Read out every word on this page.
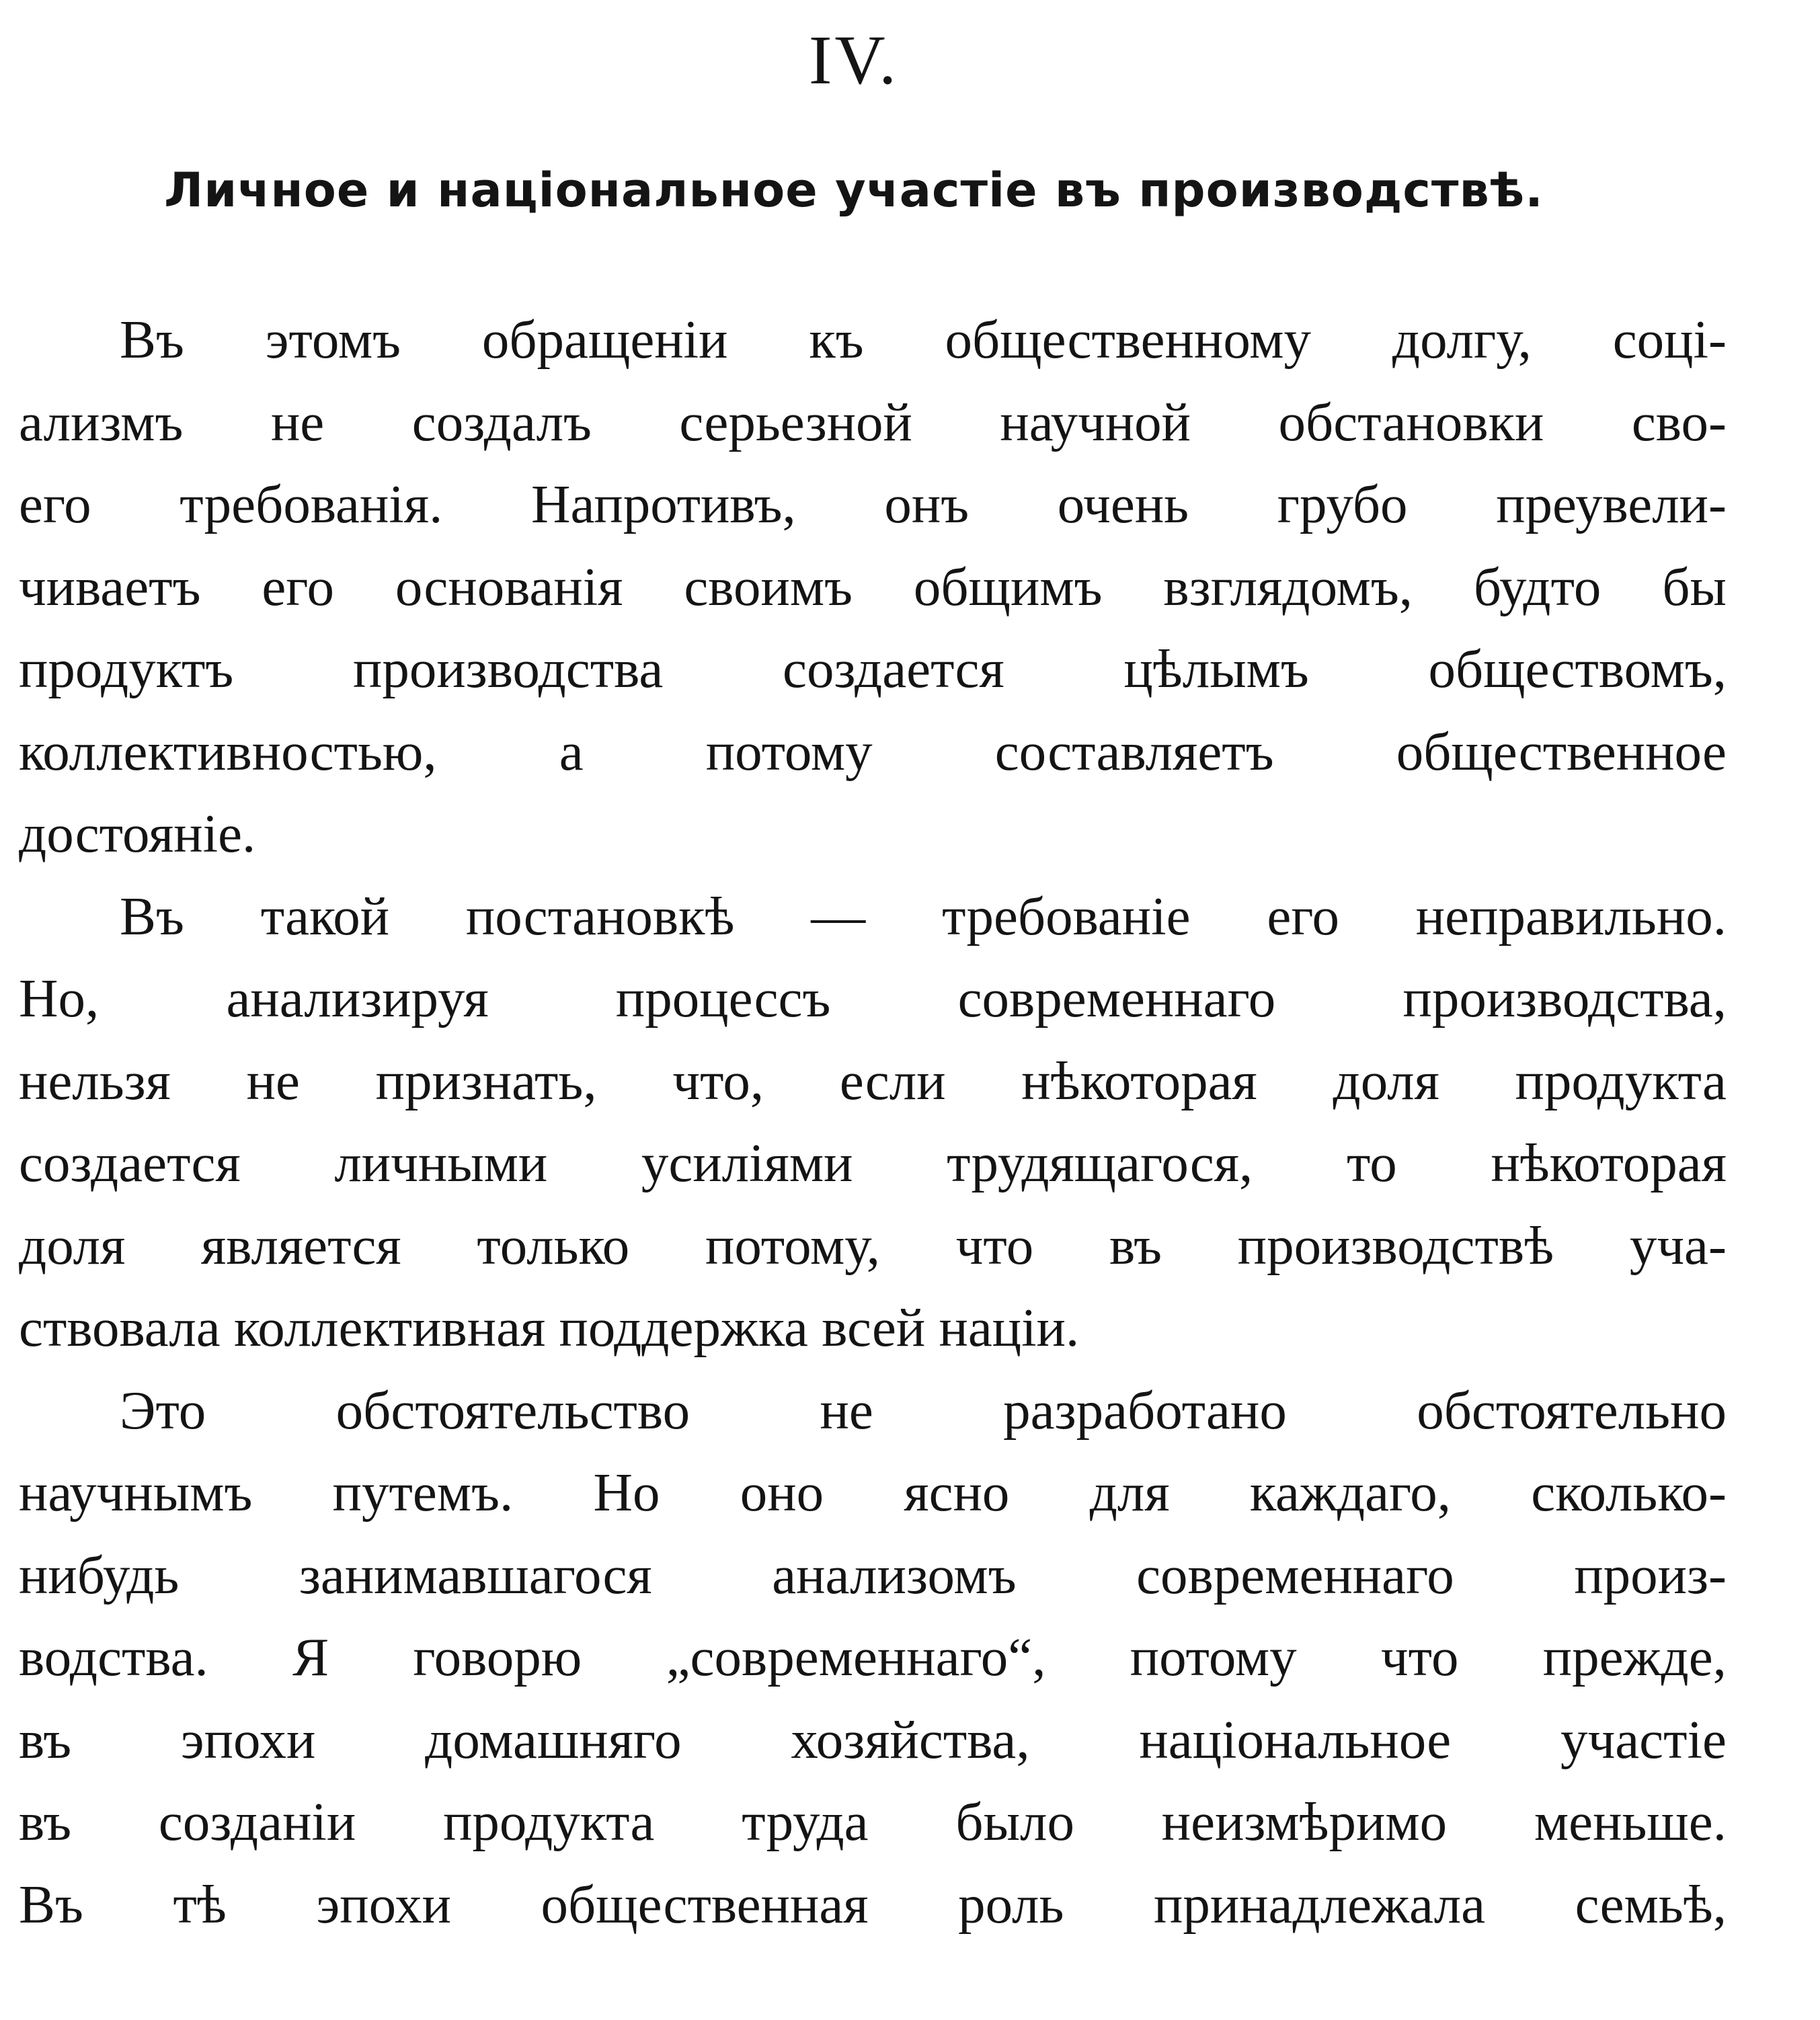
IV.
Личное и національное участіе въ производствѣ.
Въ этомъ обращеніи къ общественному долгу, соці-
ализмъ не создалъ серьезной научной обстановки сво-
его требованія. Напротивъ, онъ очень грубо преувели-
чиваетъ его основанія своимъ общимъ взглядомъ, будто бы
продуктъ производства создается цѣлымъ обществомъ,
коллективностью, а потому составляетъ общественное
достояніе.
Въ такой постановкѣ — требованіе его неправильно.
Но, анализируя процессъ современнаго производства,
нельзя не признать, что, если нѣкоторая доля продукта
создается личными усиліями трудящагося, то нѣкоторая
доля является только потому, что въ производствѣ уча-
ствовала коллективная поддержка всей націи.
Это обстоятельство не разработано обстоятельно
научнымъ путемъ. Но оно ясно для каждаго, сколько-
нибудь занимавшагося анализомъ современнаго произ-
водства. Я говорю „современнаго“, потому что прежде,
въ эпохи домашняго хозяйства, національное участіе
въ созданіи продукта труда было неизмѣримо меньше.
Въ тѣ эпохи общественная роль принадлежала семьѣ,
